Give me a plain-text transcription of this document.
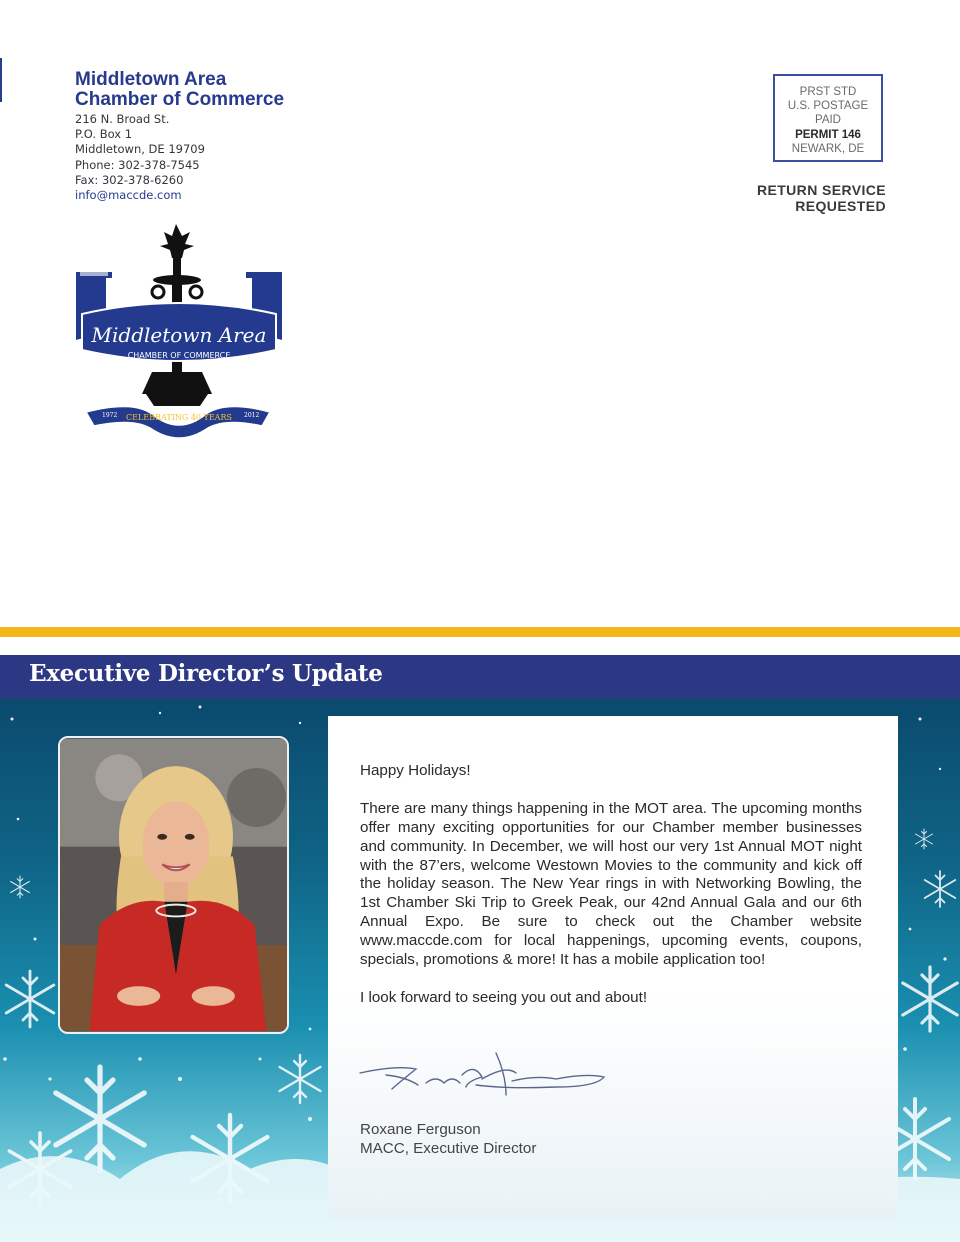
Middletown Area
Chamber of Commerce
216 N. Broad St.
P.O. Box 1
Middletown, DE 19709
Phone: 302-378-7545
Fax: 302-378-6260
info@maccde.com
PRST STD
U.S. POSTAGE
PAID
PERMIT 146
NEWARK, DE
RETURN SERVICE REQUESTED
Middletown Area
CHAMBER OF COMMERCE
CELEBRATING 40 YEARS
1972	2012
Executive Director’s Update

Happy Holidays!

There are many things happening in the MOT area. The upcoming months offer many exciting opportunities for our Chamber member businesses and community. In December, we will host our very 1st Annual MOT night with the 87’ers, welcome Westown Movies to the community and kick off the holiday season. The New Year rings in with Networking Bowling, the 1st Chamber Ski Trip to Greek Peak, our 42nd Annual Gala and our 6th Annual Expo. Be sure to check out the Chamber website www.maccde.com for local happenings, upcoming events, coupons, specials, promotions & more! It has a mobile application too!

I look forward to seeing you out and about!

Roxane Ferguson
MACC, Executive Director
